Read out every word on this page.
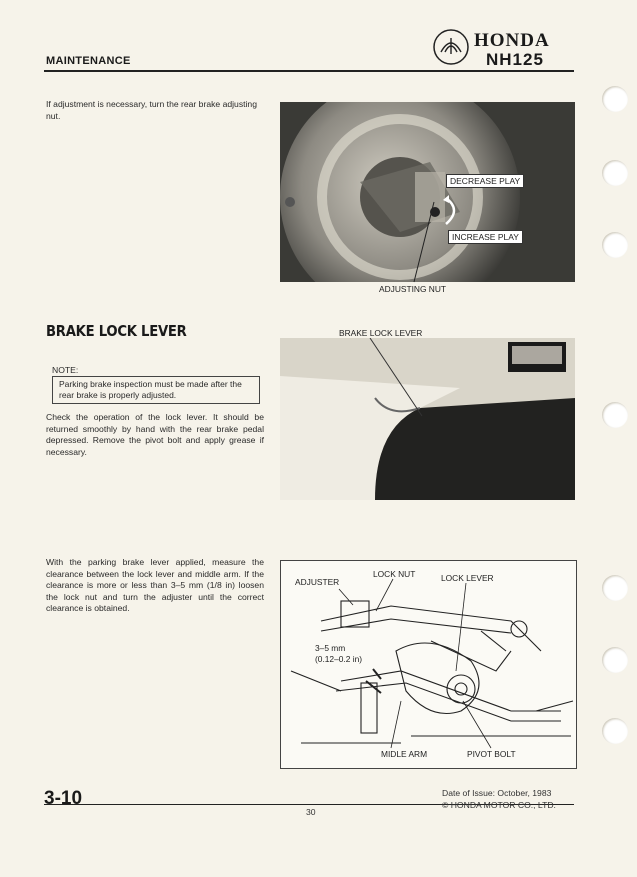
MAINTENANCE
HONDA
NH125
If adjustment is necessary, turn the rear brake adjusting nut.
DECREASE PLAY
INCREASE PLAY
ADJUSTING NUT
BRAKE LOCK LEVER	BRAKE LOCK LEVER
NOTE:
Parking brake inspection must be made after the rear brake is properly adjusted.
Check the operation of the lock lever. It should be returned smoothly by hand with the rear brake pedal depressed. Remove the pivot bolt and apply grease if necessary.
With the parking brake lever applied, measure the clearance between the lock lever and middle arm. If the clearance is more or less than 3–5 mm (1/8 in) loosen the lock nut and turn the adjuster until the correct clearance is obtained.
ADJUSTER
LOCK NUT	LOCK LEVER
3–5 mm
(0.12–0.2 in)
MIDLE ARM	PIVOT BOLT
3-10
30
Date of Issue: October, 1983
© HONDA MOTOR CO., LTD.
